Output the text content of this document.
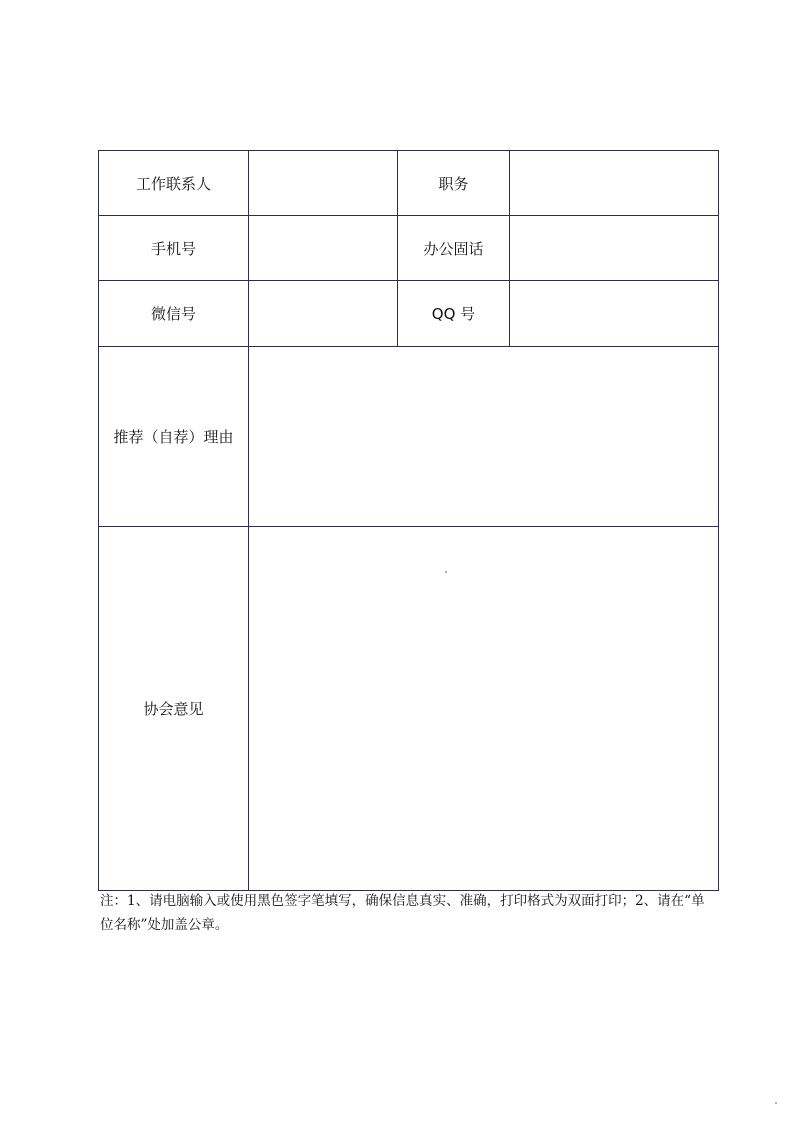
工作联系人		职务	
手机号		办公固话	
微信号		QQ 号	
推荐（自荐）理由			
协会意见			
注：1、请电脑输入或使用黑色签字笔填写，确保信息真实、准确，打印格式为双面打印；2、请在“单位名称”处加盖公章。
